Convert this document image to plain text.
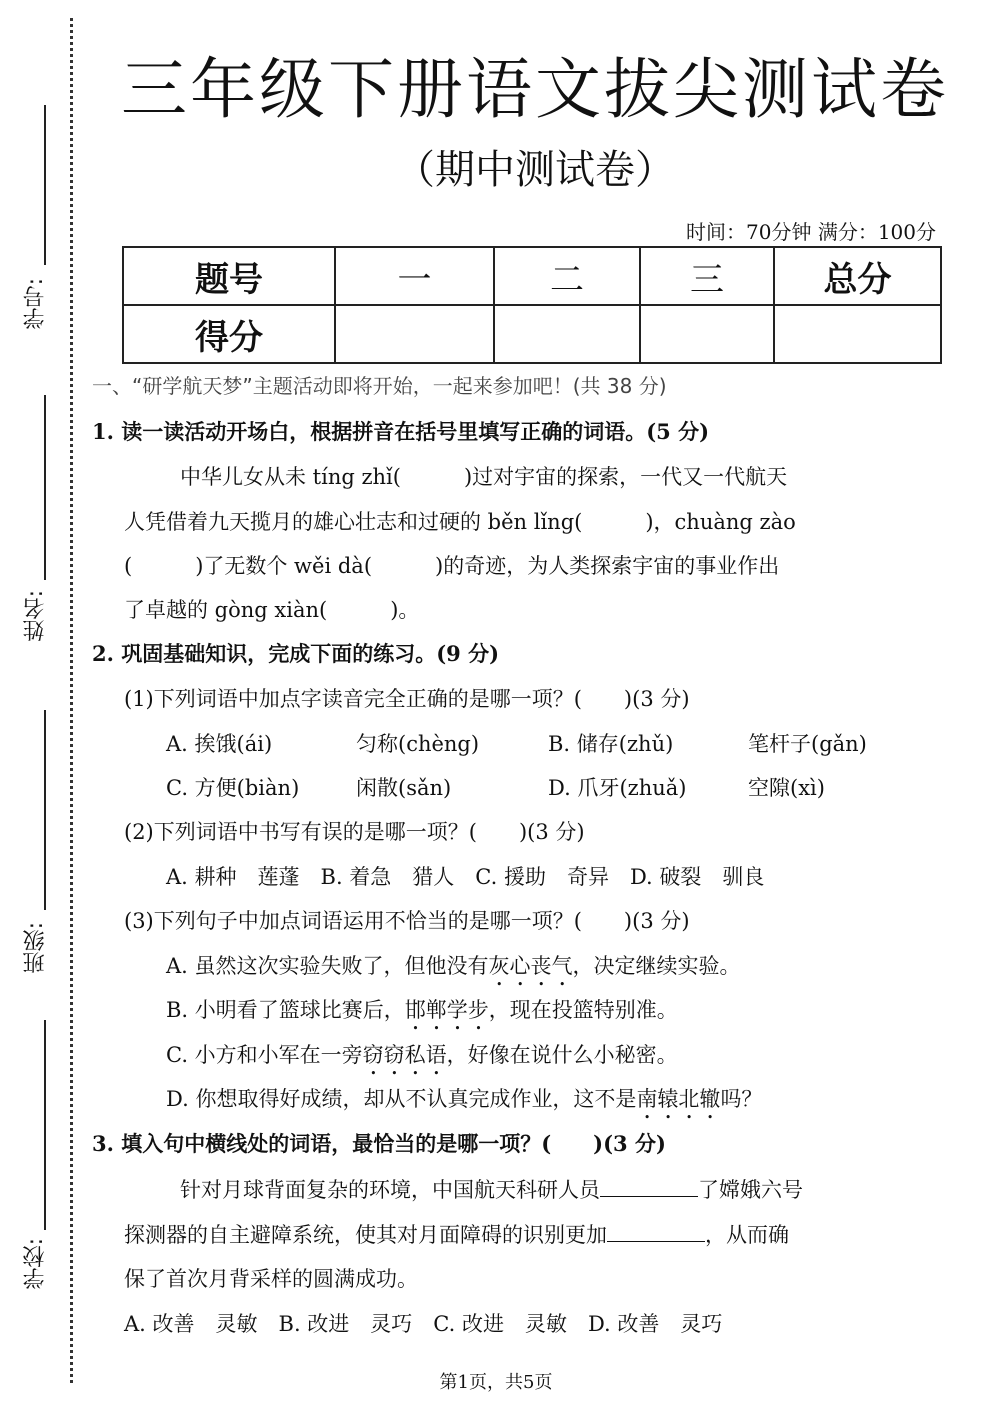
学号:
姓名:
班级:
学校:
三年级下册语文拔尖测试卷
（期中测试卷）
时间：70分钟 满分：100分
题号	一	二	三	总分
得分				
一、“研学航天梦”主题活动即将开始，一起来参加吧！(共 38 分)
1. 读一读活动开场白，根据拼音在括号里填写正确的词语。(5 分)
中华儿女从未 tíng zhǐ(　　　)过对宇宙的探索，一代又一代航天
人凭借着九天揽月的雄心壮志和过硬的 běn lǐng(　　　)，chuàng zào
(　　　)了无数个 wěi dà(　　　)的奇迹，为人类探索宇宙的事业作出
了卓越的 gòng xiàn(　　　)。
2. 巩固基础知识，完成下面的练习。(9 分)
(1)下列词语中加点字读音完全正确的是哪一项？(　　)(3 分)
A. 挨饿(ái)	匀称(chèng)	B. 储存(zhǔ)	笔杆子(gǎn)
C. 方便(biàn)	闲散(sǎn)	D. 爪牙(zhuǎ)	空隙(xì)
(2)下列词语中书写有误的是哪一项？(　　)(3 分)
A. 耕种　莲蓬　B. 着急　猎人　C. 援助　奇异　D. 破裂　驯良
(3)下列句子中加点词语运用不恰当的是哪一项？(　　)(3 分)
A. 虽然这次实验失败了，但他没有灰心丧气，决定继续实验。
B. 小明看了篮球比赛后，邯郸学步，现在投篮特别准。
C. 小方和小军在一旁窃窃私语，好像在说什么小秘密。
D. 你想取得好成绩，却从不认真完成作业，这不是南辕北辙吗？
3. 填入句中横线处的词语，最恰当的是哪一项？(　　)(3 分)
针对月球背面复杂的环境，中国航天科研人员	了嫦娥六号
探测器的自主避障系统，使其对月面障碍的识别更加	，从而确
保了首次月背采样的圆满成功。
A. 改善　灵敏　B. 改进　灵巧　C. 改进　灵敏　D. 改善　灵巧
第1页，共5页
